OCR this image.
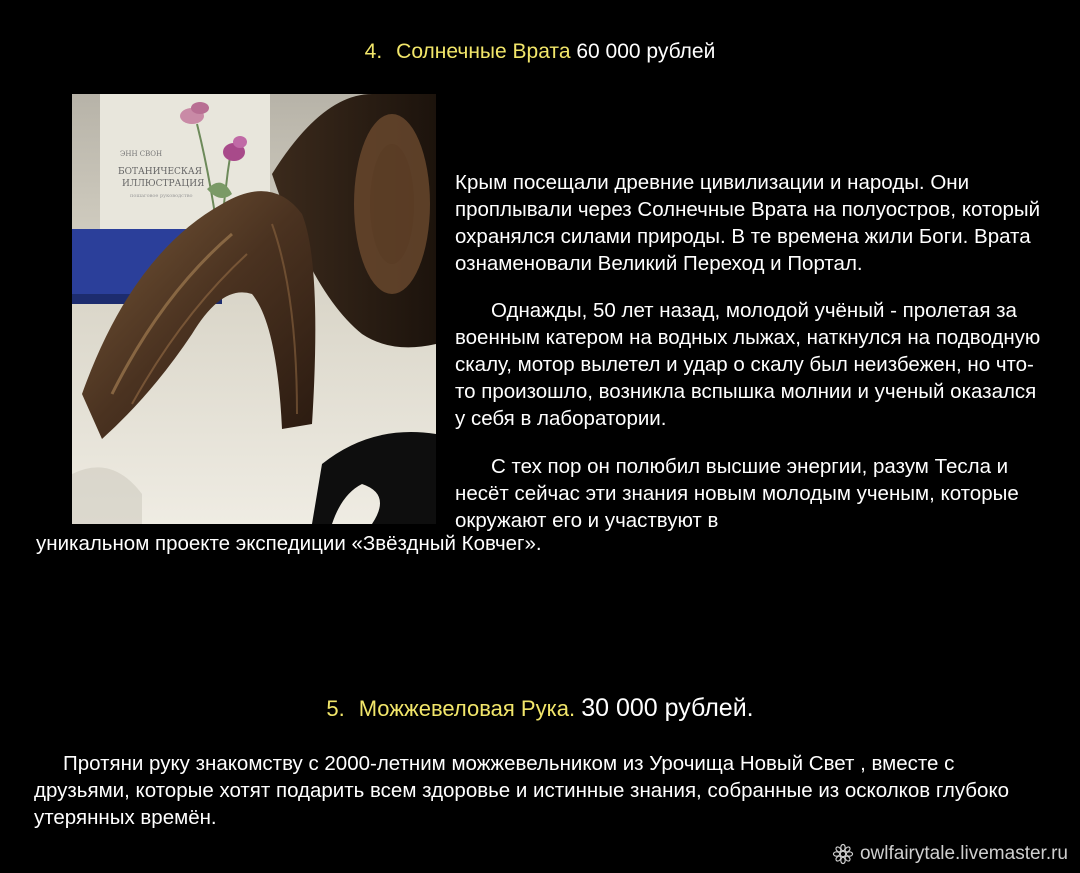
4. Солнечные Врата 60 000 рублей
ЭНН СВОН
БОТАНИЧЕСКАЯ
ИЛЛЮСТРАЦИЯ
пошаговое руководство

Крым посещали древние цивилизации и народы. Они проплывали через Солнечные Врата на полуостров, который охранялся силами природы. В те времена жили Боги. Врата ознаменовали Великий Переход и Портал.

Однажды, 50 лет назад, молодой учёный - пролетая за военным катером на водных лыжах, наткнулся на подводную скалу, мотор вылетел и удар о скалу был неизбежен, но что-то произошло, возникла вспышка молнии и ученый оказался у себя в лаборатории.

С тех пор он полюбил высшие энергии, разум Тесла и несёт сейчас эти знания новым молодым ученым, которые окружают его и участвуют в

уникальном проекте экспедиции «Звёздный Ковчег».

5. Можжевеловая Рука. 30 000 рублей.

Протяни руку знакомству с 2000-летним можжевельником из Урочища Новый Свет , вместе с друзьями, которые хотят подарить всем здоровье и истинные знания, собранные из осколков глубоко утерянных времён.

owlfairytale.livemaster.ru
